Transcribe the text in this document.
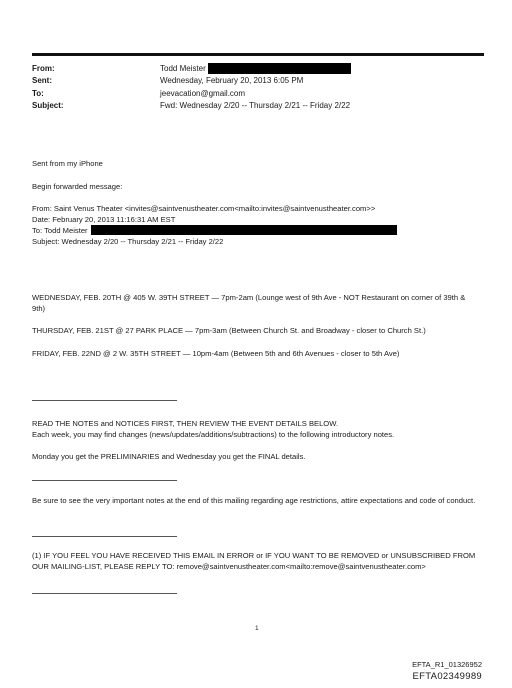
From:	Todd Meister
Sent:	Wednesday, February 20, 2013 6:05 PM
To:	jeevacation@gmail.com
Subject:	Fwd: Wednesday 2/20 -- Thursday 2/21 -- Friday 2/22
Sent from my iPhone
Begin forwarded message:
From: Saint Venus Theater <invites@saintvenustheater.com<mailto:invites@saintvenustheater.com>>
Date: February 20, 2013 11:16:31 AM EST
To: Todd Meister
Subject: Wednesday 2/20 -- Thursday 2/21 -- Friday 2/22
WEDNESDAY, FEB. 20TH @ 405 W. 39TH STREET — 7pm-2am (Lounge west of 9th Ave - NOT Restaurant on corner of 39th & 9th)
THURSDAY, FEB. 21ST @ 27 PARK PLACE — 7pm-3am (Between Church St. and Broadway - closer to Church St.)
FRIDAY, FEB. 22ND @ 2 W. 35TH STREET — 10pm-4am (Between 5th and 6th Avenues - closer to 5th Ave)
READ THE NOTES and NOTICES FIRST, THEN REVIEW THE EVENT DETAILS BELOW.
Each week, you may find changes (news/updates/additions/subtractions) to the following introductory notes.
Monday you get the PRELIMINARIES and Wednesday you get the FINAL details.
Be sure to see the very important notes at the end of this mailing regarding age restrictions, attire expectations and code of conduct.
(1) IF YOU FEEL YOU HAVE RECEIVED THIS EMAIL IN ERROR or IF YOU WANT TO BE REMOVED or UNSUBSCRIBED FROM OUR MAILING-LIST, PLEASE REPLY TO: remove@saintvenustheater.com<mailto:remove@saintvenustheater.com>
1
EFTA_R1_01326952
EFTA02349989
